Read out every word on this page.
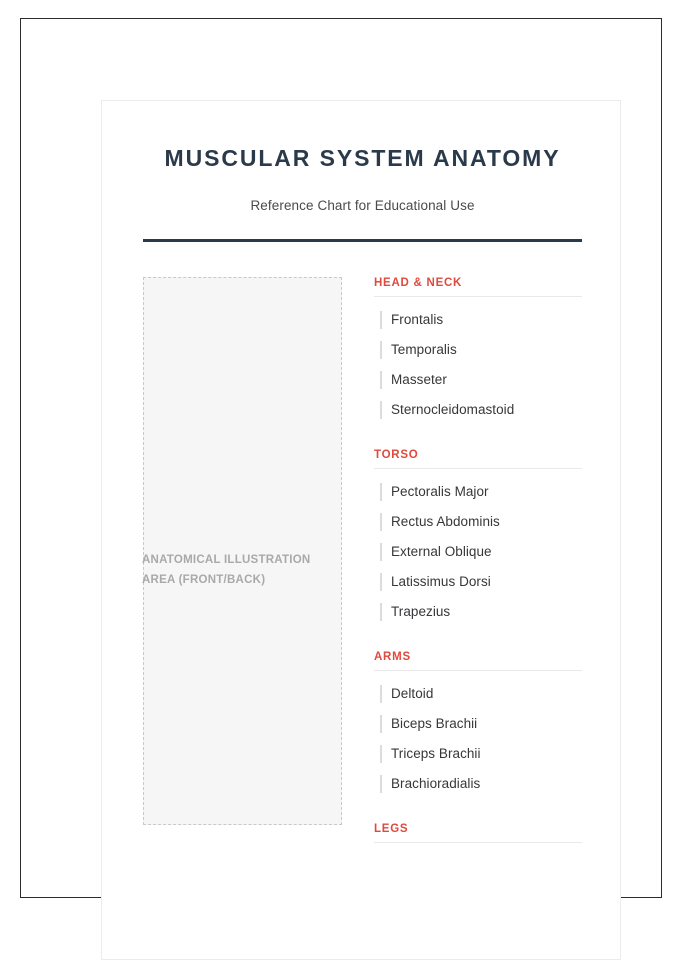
MUSCULAR SYSTEM ANATOMY

Reference Chart for Educational Use

ANATOMICAL ILLUSTRATION AREA (FRONT/BACK)
HEAD & NECK
Frontalis
Temporalis
Masseter
Sternocleidomastoid
TORSO
Pectoralis Major
Rectus Abdominis
External Oblique
Latissimus Dorsi
Trapezius
ARMS
Deltoid
Biceps Brachii
Triceps Brachii
Brachioradialis
LEGS
